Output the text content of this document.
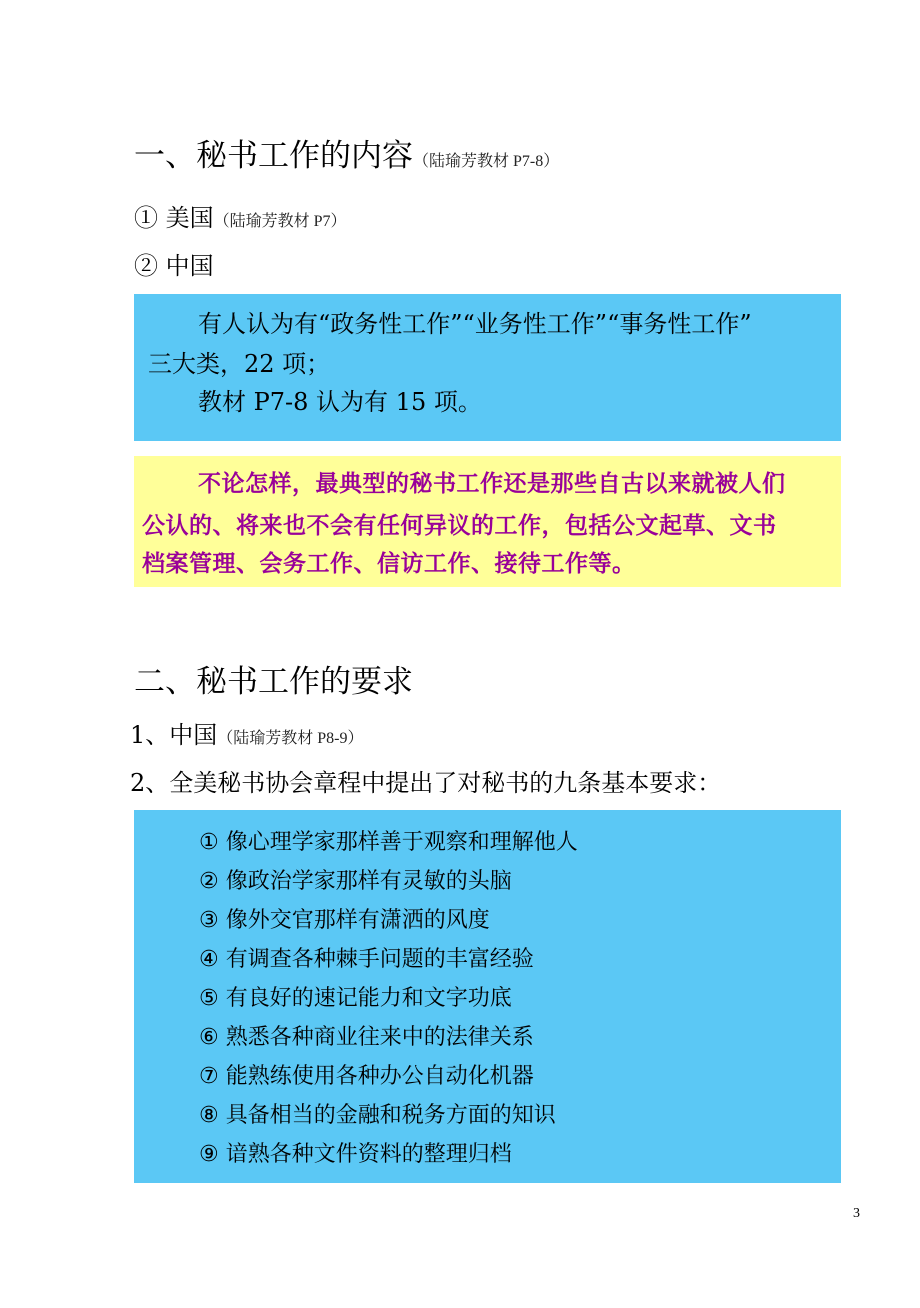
一、秘书工作的内容（陆瑜芳教材 P7-8）
① 美国（陆瑜芳教材 P7）
② 中国
有人认为有“政务性工作”“业务性工作”“事务性工作”
三大类，22 项；
教材 P7-8 认为有 15 项。
不论怎样，最典型的秘书工作还是那些自古以来就被人们
公认的、将来也不会有任何异议的工作，包括公文起草、文书
档案管理、会务工作、信访工作、接待工作等。
二、秘书工作的要求
1、中国（陆瑜芳教材 P8-9）
2、全美秘书协会章程中提出了对秘书的九条基本要求：
① 像心理学家那样善于观察和理解他人
② 像政治学家那样有灵敏的头脑
③ 像外交官那样有潇洒的风度
④ 有调查各种棘手问题的丰富经验
⑤ 有良好的速记能力和文字功底
⑥ 熟悉各种商业往来中的法律关系
⑦ 能熟练使用各种办公自动化机器
⑧ 具备相当的金融和税务方面的知识
⑨ 谙熟各种文件资料的整理归档
3
